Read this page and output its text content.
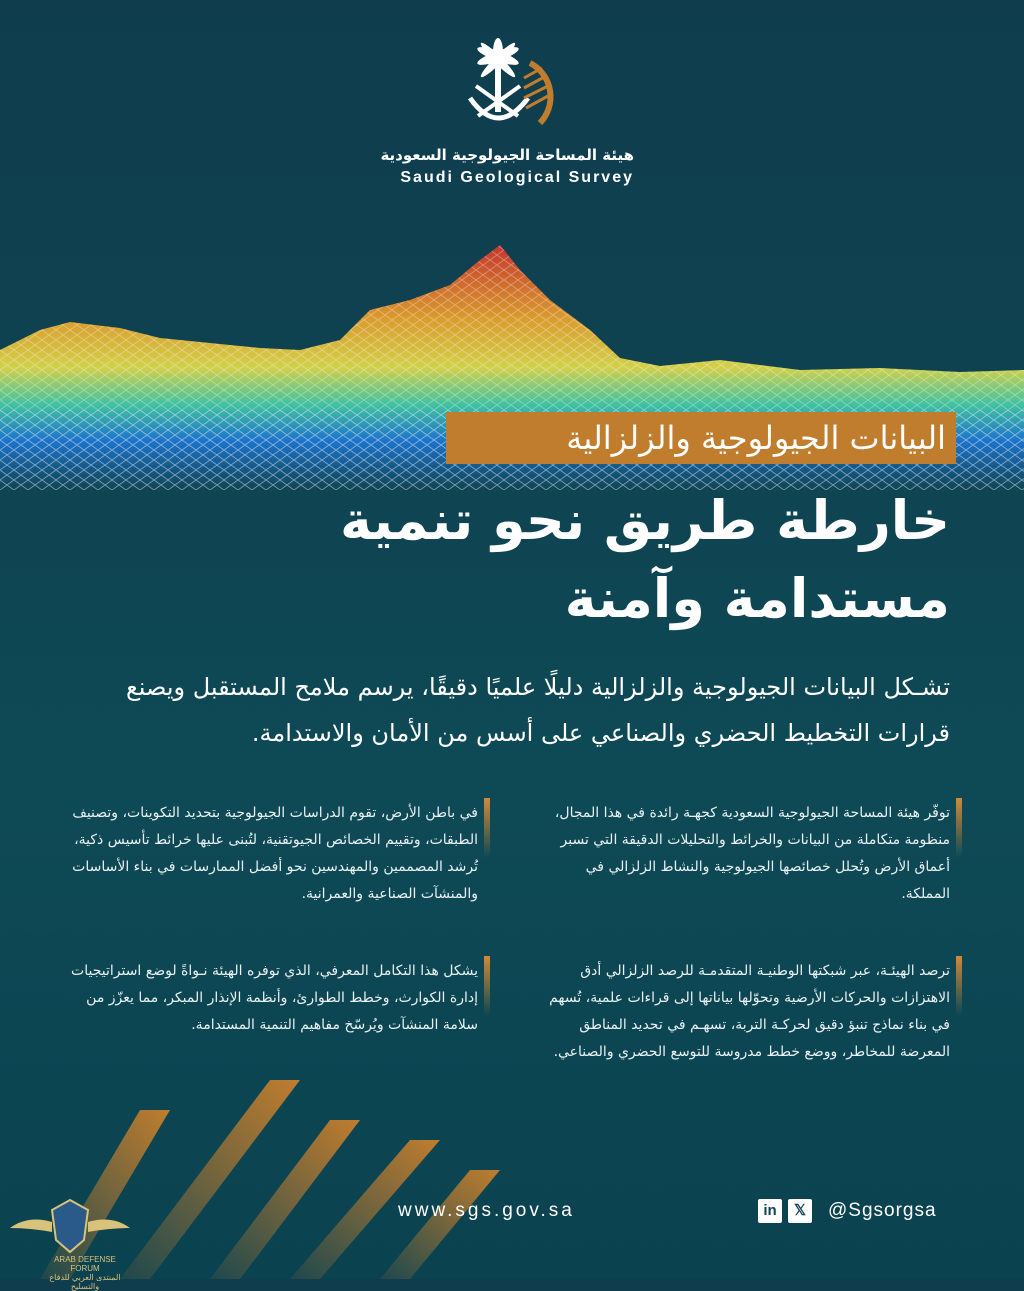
هيئة المساحة الجيولوجية السعودية
Saudi Geological Survey
البيانات الجيولوجية والزلزالية
خارطة طريق نحو تنمية
مستدامة وآمنة
تشـكل البيانات الجيولوجية والزلزالية دليلًا علميًا دقيقًا، يرسم ملامح المستقبل ويصنع قرارات التخطيط الحضري والصناعي على أسس من الأمان والاستدامة.
توفّر هيئة المساحة الجيولوجية السعودية كجهـة رائدة في هذا المجال، منظومة متكاملة من البيانات والخرائط والتحليلات الدقيقة التي تسبر أعماق الأرض وتُحلل خصائصها الجيولوجية والنشاط الزلزالي في المملكة.
في باطن الأرض، تقوم الدراسات الجيولوجية بتحديد التكوينات، وتصنيف الطبقات، وتقييم الخصائص الجيوتقنية، لتُبنى عليها خرائط تأسيس ذكية، تُرشد المصممين والمهندسين نحو أفضل الممارسات في بناء الأساسات والمنشآت الصناعية والعمرانية.
ترصد الهيئـة، عبر شبكتها الوطنيـة المتقدمـة للرصد الزلزالي أدق الاهتزازات والحركات الأرضية وتحوّلها بياناتها إلى قراءات علمية، تُسهم في بناء نماذج تنبؤ دقيق لحركـة التربة، تسهـم في تحديد المناطق المعرضة للمخاطر، ووضع خطط مدروسة للتوسع الحضري والصناعي.
يشكل هذا التكامل المعرفي، الذي توفره الهيئة نـواةً لوضع استراتيجيات إدارة الكوارث، وخطط الطوارئ، وأنظمة الإنذار المبكر، مما يعزّز من سلامة المنشآت ويُرسّخ مفاهيم التنمية المستدامة.
ARAB DEFENSE FORUM
المنتدى العربي للدفاع والتسليح
www.sgs.gov.sa	in	𝕏	@Sgsorgsa
